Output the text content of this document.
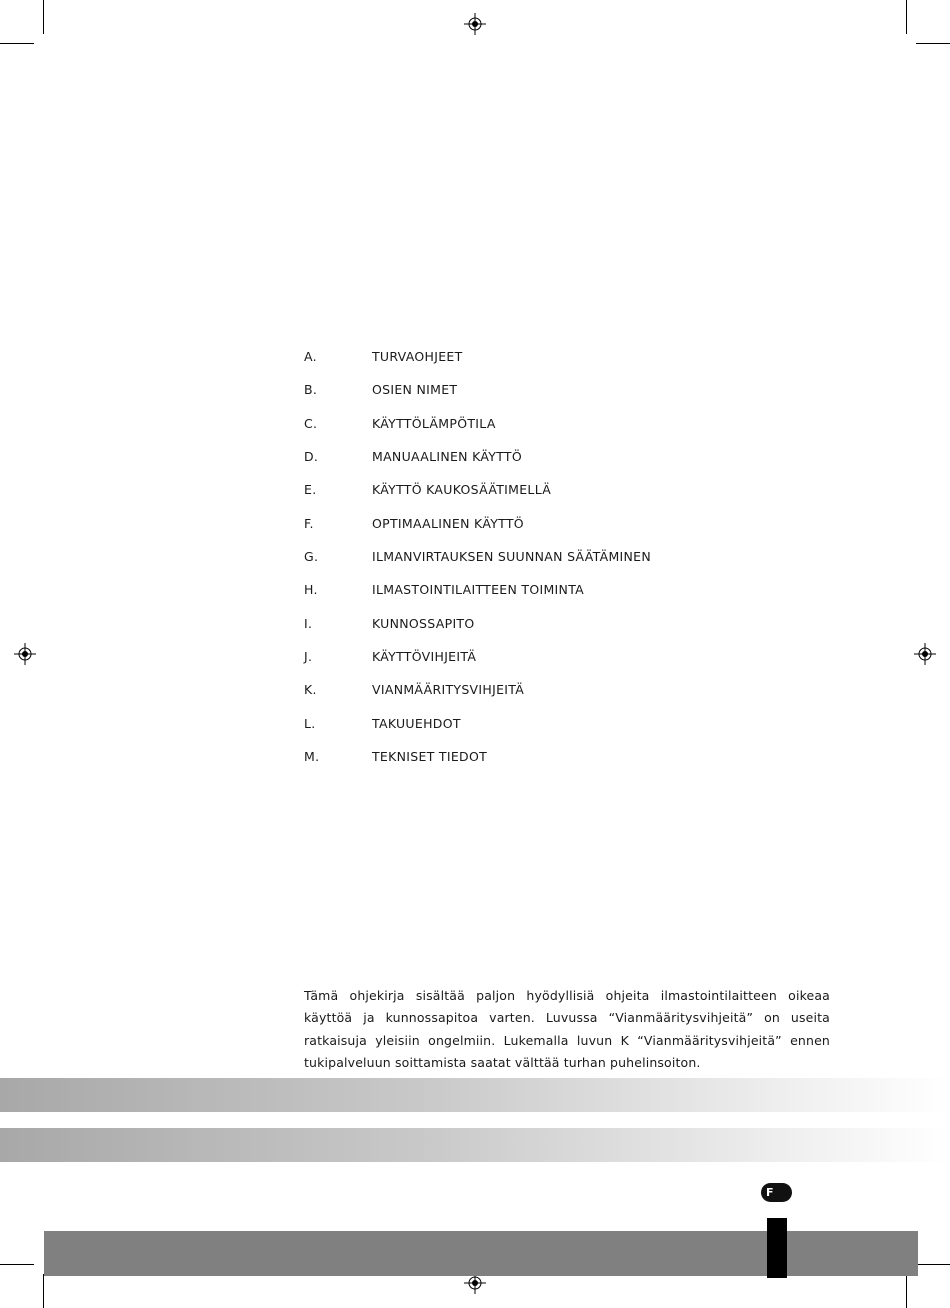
A.	TURVAOHJEET
B.	OSIEN NIMET
C.	KÄYTTÖLÄMPÖTILA
D.	MANUAALINEN KÄYTTÖ
E.	KÄYTTÖ KAUKOSÄÄTIMELLÄ
F.	OPTIMAALINEN KÄYTTÖ
G.	ILMANVIRTAUKSEN SUUNNAN SÄÄTÄMINEN
H.	ILMASTOINTILAITTEEN TOIMINTA
I.	KUNNOSSAPITO
J.	KÄYTTÖVIHJEITÄ
K.	VIANMÄÄRITYSVIHJEITÄ
L.	TAKUUEHDOT
M.	TEKNISET TIEDOT

Tämä ohjekirja sisältää paljon hyödyllisiä ohjeita ilmastointilaitteen oikeaa käyttöä ja kunnossapitoa varten. Luvussa “Vianmääritysvihjeitä” on useita ratkaisuja yleisiin ongelmiin. Lukemalla luvun K “Vianmääritysvihjeitä” ennen tukipalveluun soittamista saatat välttää turhan puhelinsoiton.

F
